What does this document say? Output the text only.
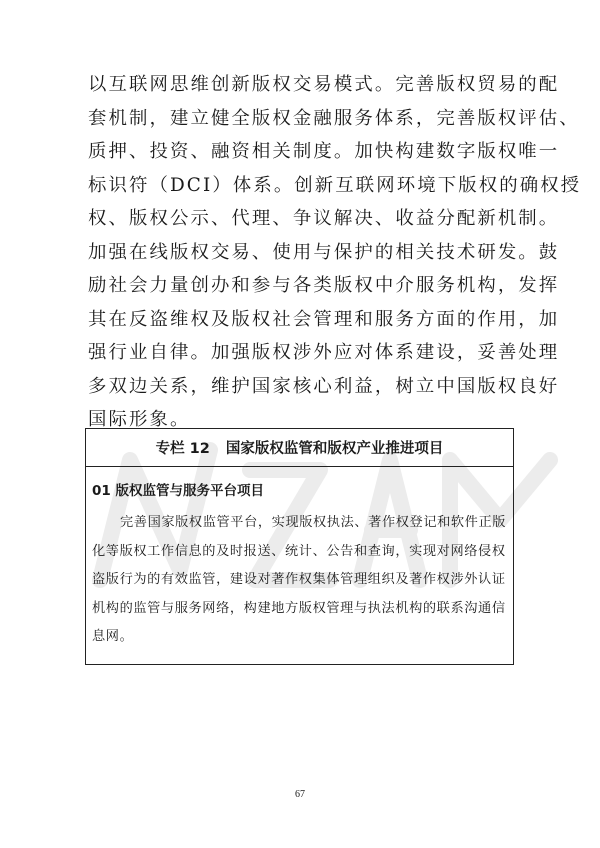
以互联网思维创新版权交易模式。完善版权贸易的配
套机制，建立健全版权金融服务体系，完善版权评估、
质押、投资、融资相关制度。加快构建数字版权唯一
标识符（DCI）体系。创新互联网环境下版权的确权授
权、版权公示、代理、争议解决、收益分配新机制。
加强在线版权交易、使用与保护的相关技术研发。鼓
励社会力量创办和参与各类版权中介服务机构，发挥
其在反盗维权及版权社会管理和服务方面的作用，加
强行业自律。加强版权涉外应对体系建设，妥善处理
多双边关系，维护国家核心利益，树立中国版权良好
国际形象。
专栏 12 国家版权监管和版权产业推进项目
01 版权监管与服务平台项目
完善国家版权监管平台，实现版权执法、著作权登记和软件正版
化等版权工作信息的及时报送、统计、公告和查询，实现对网络侵权
盗版行为的有效监管，建设对著作权集体管理组织及著作权涉外认证
机构的监管与服务网络，构建地方版权管理与执法机构的联系沟通信
息网。
67
